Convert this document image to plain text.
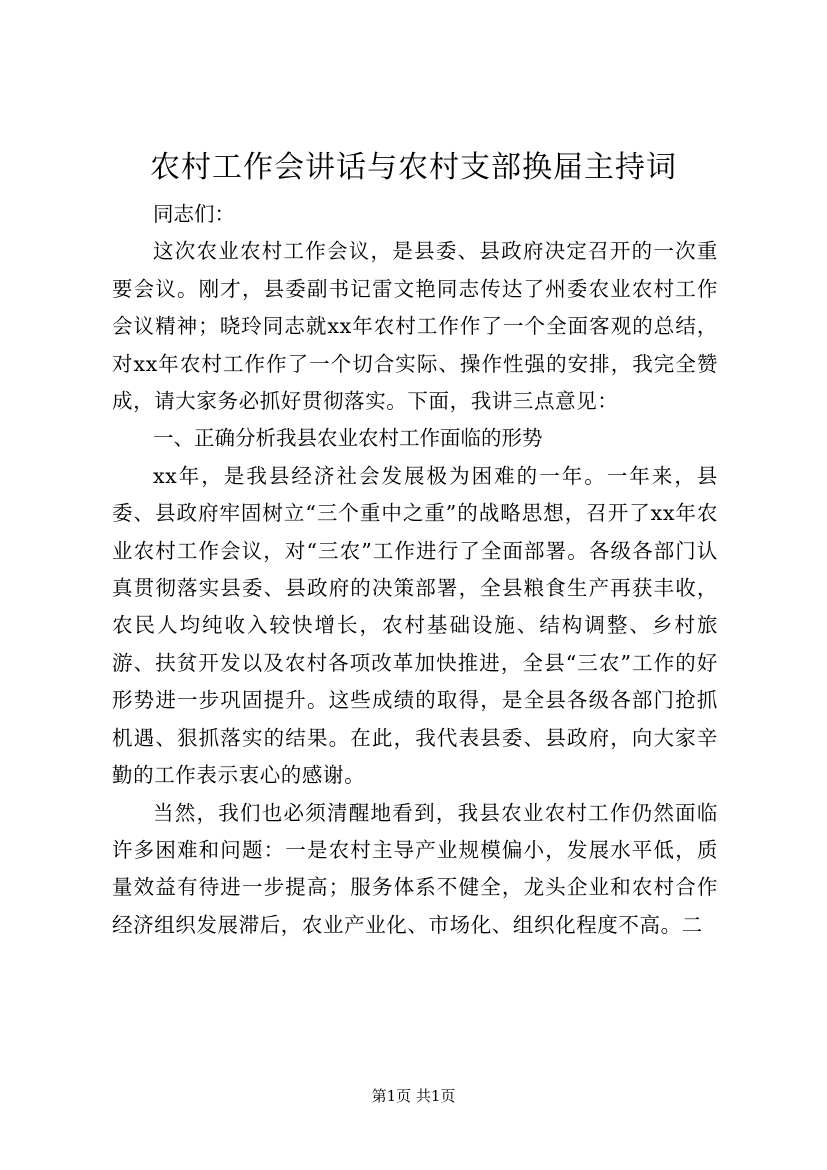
农村工作会讲话与农村支部换届主持词

同志们：

这次农业农村工作会议，是县委、县政府决定召开的一次重要会议。刚才，县委副书记雷文艳同志传达了州委农业农村工作会议精神；晓玲同志就xx年农村工作作了一个全面客观的总结，对xx年农村工作作了一个切合实际、操作性强的安排，我完全赞成，请大家务必抓好贯彻落实。下面，我讲三点意见：

一、正确分析我县农业农村工作面临的形势

xx年，是我县经济社会发展极为困难的一年。一年来，县委、县政府牢固树立“三个重中之重”的战略思想，召开了xx年农业农村工作会议，对“三农”工作进行了全面部署。各级各部门认真贯彻落实县委、县政府的决策部署，全县粮食生产再获丰收，农民人均纯收入较快增长，农村基础设施、结构调整、乡村旅游、扶贫开发以及农村各项改革加快推进，全县“三农”工作的好形势进一步巩固提升。这些成绩的取得，是全县各级各部门抢抓机遇、狠抓落实的结果。在此，我代表县委、县政府，向大家辛勤的工作表示衷心的感谢。

当然，我们也必须清醒地看到，我县农业农村工作仍然面临许多困难和问题：一是农村主导产业规模偏小，发展水平低，质量效益有待进一步提高；服务体系不健全，龙头企业和农村合作经济组织发展滞后，农业产业化、市场化、组织化程度不高。二

第1页 共1页
